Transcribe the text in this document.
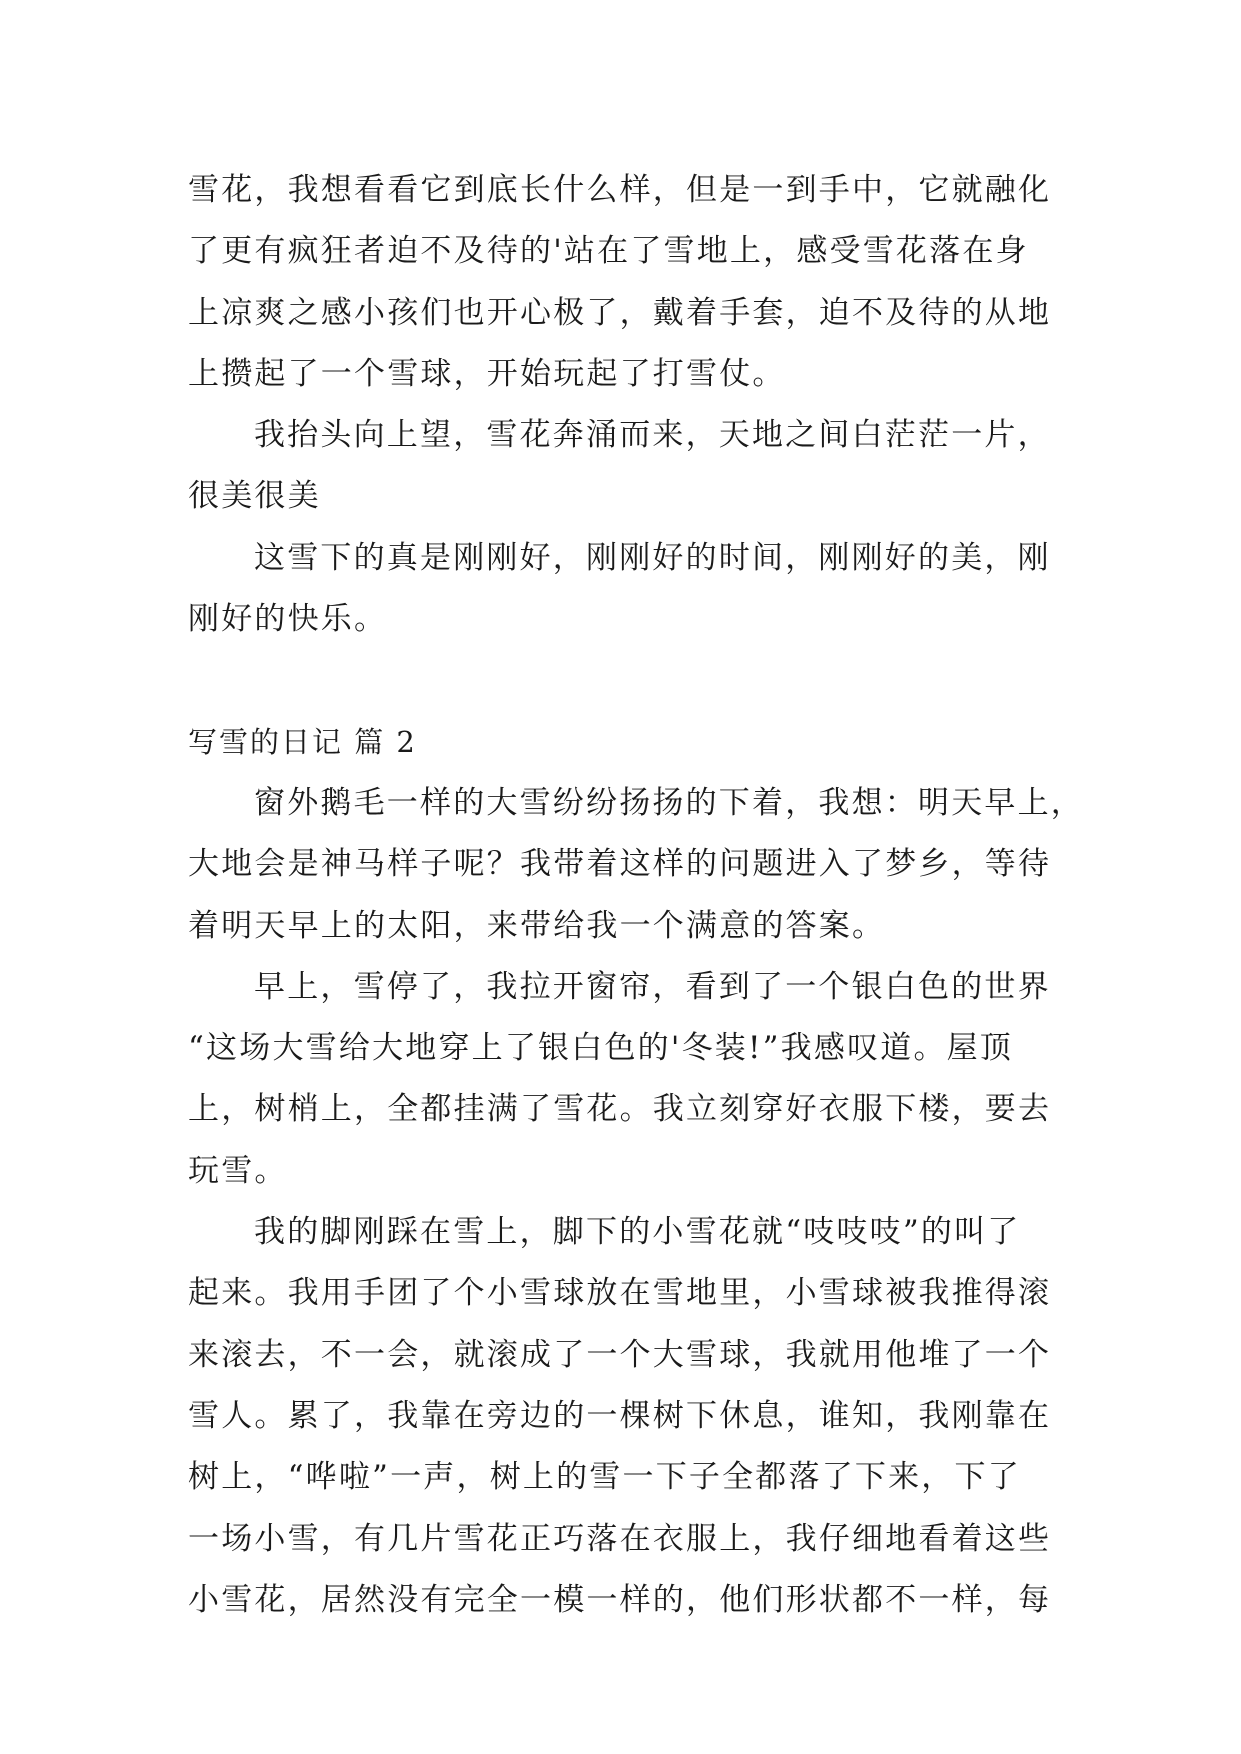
雪花，我想看看它到底长什么样，但是一到手中，它就融化
了更有疯狂者迫不及待的'站在了雪地上，感受雪花落在身
上凉爽之感小孩们也开心极了，戴着手套，迫不及待的从地
上攒起了一个雪球，开始玩起了打雪仗。
我抬头向上望，雪花奔涌而来，天地之间白茫茫一片，
很美很美
这雪下的真是刚刚好，刚刚好的时间，刚刚好的美，刚
刚好的快乐。
写雪的日记 篇 2
窗外鹅毛一样的大雪纷纷扬扬的下着，我想：明天早上，
大地会是神马样子呢？我带着这样的问题进入了梦乡，等待
着明天早上的太阳，来带给我一个满意的答案。
早上，雪停了，我拉开窗帘，看到了一个银白色的世界
“这场大雪给大地穿上了银白色的'冬装!”我感叹道。屋顶
上，树梢上，全都挂满了雪花。我立刻穿好衣服下楼，要去
玩雪。
我的脚刚踩在雪上，脚下的小雪花就“吱吱吱”的叫了
起来。我用手团了个小雪球放在雪地里，小雪球被我推得滚
来滚去，不一会，就滚成了一个大雪球，我就用他堆了一个
雪人。累了，我靠在旁边的一棵树下休息，谁知，我刚靠在
树上，“哗啦”一声，树上的雪一下子全都落了下来，下了
一场小雪，有几片雪花正巧落在衣服上，我仔细地看着这些
小雪花，居然没有完全一模一样的，他们形状都不一样，每
